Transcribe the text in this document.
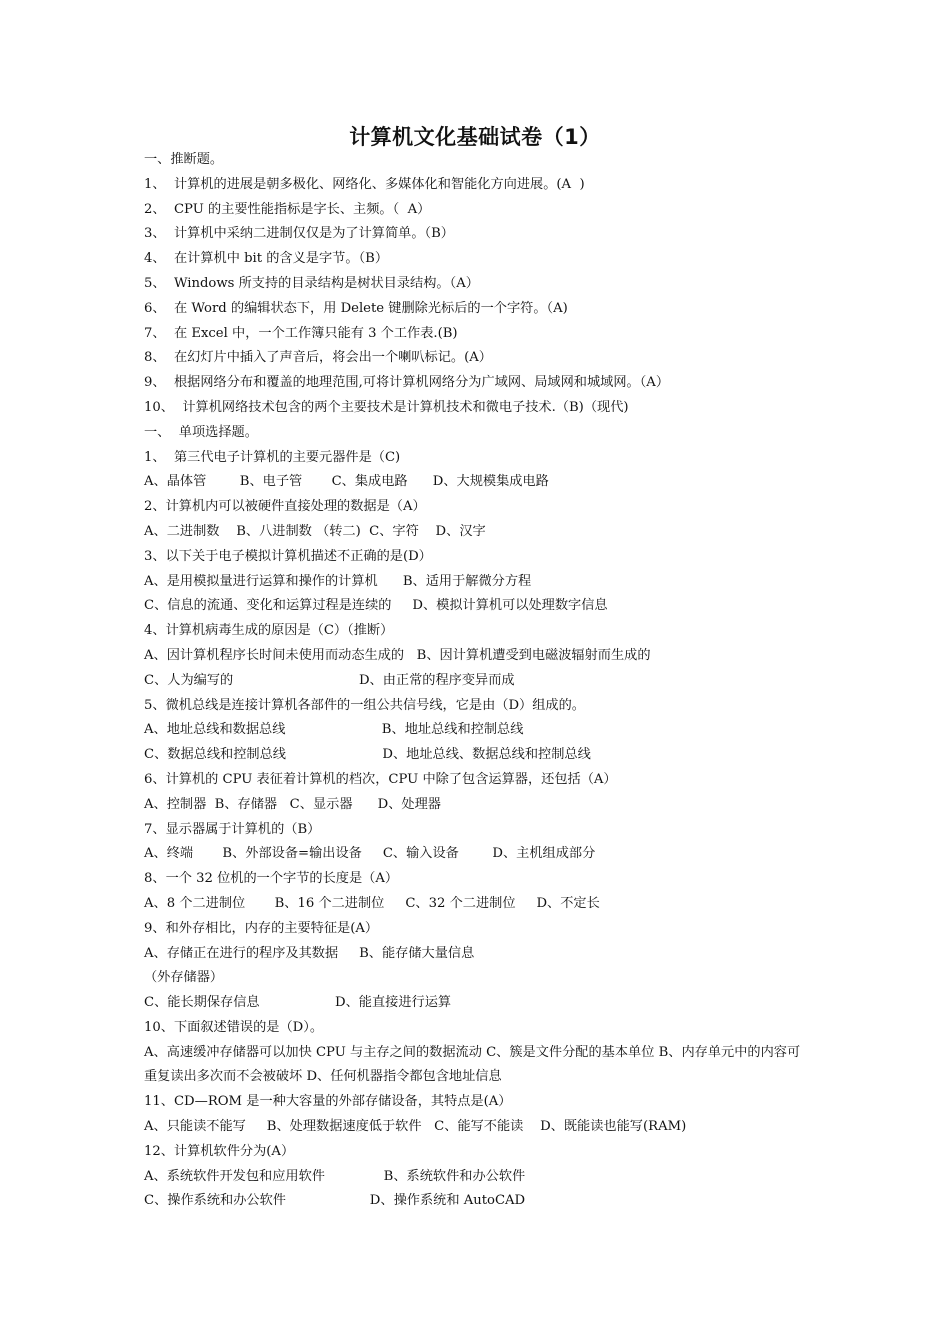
计算机文化基础试卷（1）
一、推断题。
1、  计算机的进展是朝多极化、网络化、多媒体化和智能化方向进展。(A  )
2、  CPU 的主要性能指标是字长、主频。（  A）
3、  计算机中采纳二进制仅仅是为了计算简单。（B）
4、  在计算机中 bit 的含义是字节。（B）
5、  Windows 所支持的目录结构是树状目录结构。（A）
6、  在 Word 的编辑状态下，用 Delete 键删除光标后的一个字符。（A)
7、  在 Excel 中，一个工作簿只能有 3 个工作表.(B)
8、  在幻灯片中插入了声音后，将会出一个喇叭标记。(A）
9、  根据网络分布和覆盖的地理范围,可将计算机网络分为广域网、局域网和城域网。（A）
10、  计算机网络技术包含的两个主要技术是计算机技术和微电子技术.（B)（现代)
一、  单项选择题。
1、  第三代电子计算机的主要元器件是（C)
A、晶体管        B、电子管       C、集成电路      D、大规模集成电路
2、计算机内可以被硬件直接处理的数据是（A）
A、二进制数    B、八进制数 （转二)  C、字符    D、汉字
3、以下关于电子模拟计算机描述不正确的是(D）
A、是用模拟量进行运算和操作的计算机      B、适用于解微分方程
C、信息的流通、变化和运算过程是连续的     D、模拟计算机可以处理数字信息
4、计算机病毒生成的原因是（C）（推断）
A、因计算机程序长时间未使用而动态生成的   B、因计算机遭受到电磁波辐射而生成的
C、人为编写的                              D、由正常的程序变异而成
5、微机总线是连接计算机各部件的一组公共信号线，它是由（D）组成的。
A、地址总线和数据总线                       B、地址总线和控制总线
C、数据总线和控制总线                       D、地址总线、数据总线和控制总线
6、计算机的 CPU 表征着计算机的档次，CPU 中除了包含运算器，还包括（A）
A、控制器  B、存储器   C、显示器      D、处理器
7、显示器属于计算机的（B）
A、终端       B、外部设备=输出设备     C、输入设备        D、主机组成部分
8、一个 32 位机的一个字节的长度是（A）
A、8 个二进制位       B、16 个二进制位     C、32 个二进制位     D、不定长
9、和外存相比，内存的主要特征是(A）
A、存储正在进行的程序及其数据     B、能存储大量信息
（外存储器）
C、能长期保存信息                  D、能直接进行运算
10、下面叙述错误的是（D）。
A、高速缓冲存储器可以加快 CPU 与主存之间的数据流动 C、簇是文件分配的基本单位 B、内存单元中的内容可重复读出多次而不会被破坏 D、任何机器指令都包含地址信息
11、CD—ROM 是一种大容量的外部存储设备，其特点是(A）
A、只能读不能写     B、处理数据速度低于软件   C、能写不能读    D、既能读也能写(RAM)
12、计算机软件分为(A）
A、系统软件开发包和应用软件              B、系统软件和办公软件
C、操作系统和办公软件                    D、操作系统和 AutoCAD
